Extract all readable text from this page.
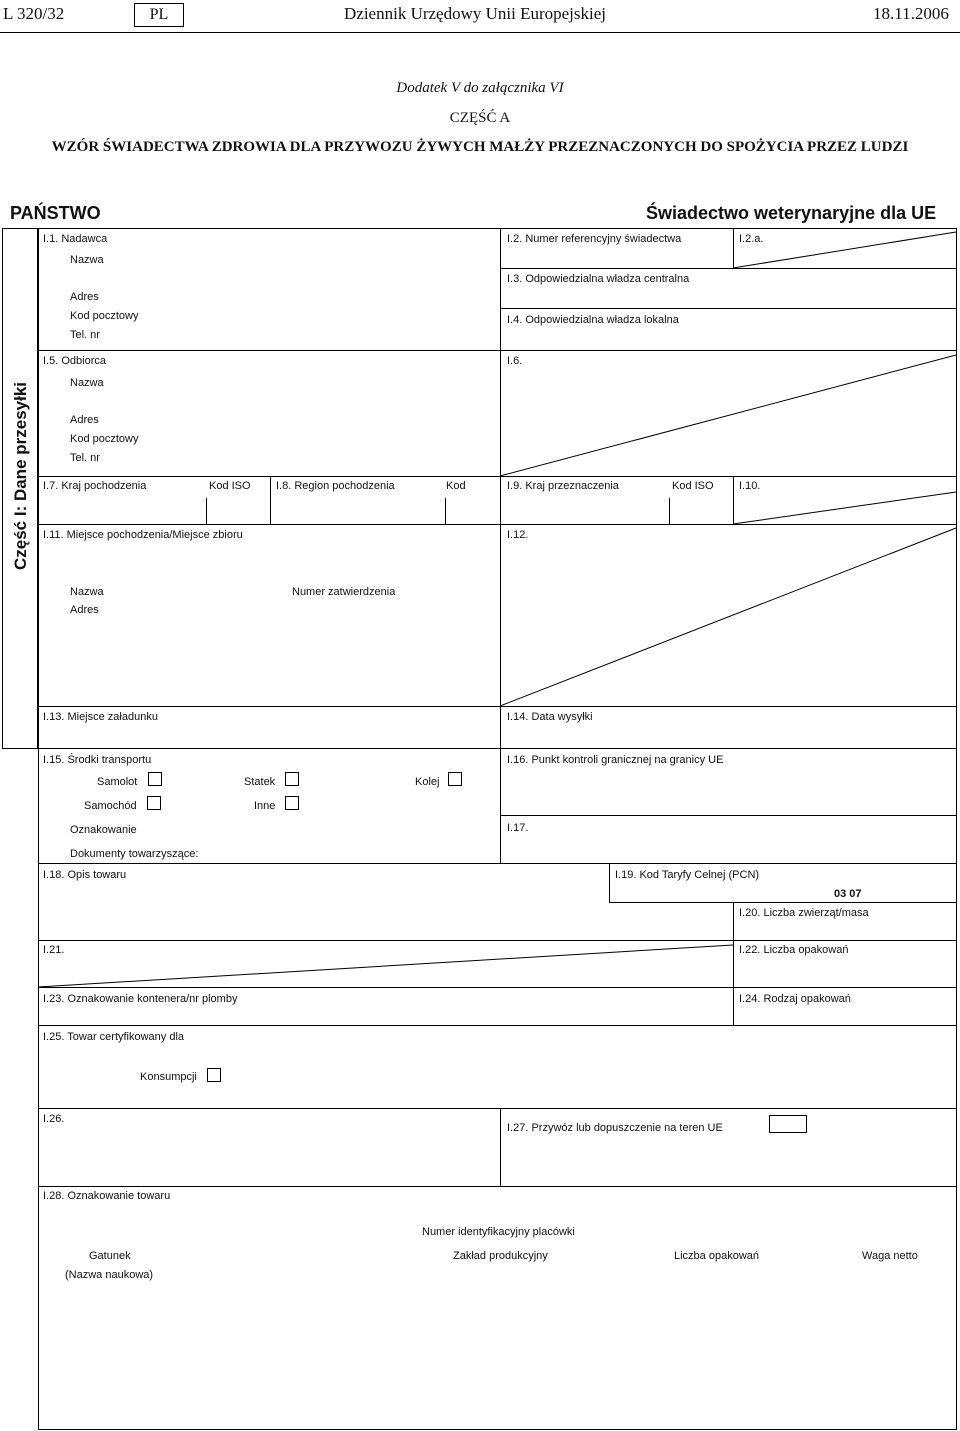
L 320/32	PL	Dziennik Urzędowy Unii Europejskiej	18.11.2006
Dodatek V do załącznika VI
CZĘŚĆ A
WZÓR ŚWIADECTWA ZDROWIA DLA PRZYWOZU ŻYWYCH MAŁŻY PRZEZNACZONYCH DO SPOŻYCIA PRZEZ LUDZI
PAŃSTWO	Świadectwo weterynaryjne dla UE
Część I: Dane przesyłki
I.1. Nadawca
Nazwa
Adres
Kod pocztowy
Tel. nr
I.2. Numer referencyjny świadectwa	I.2.a.
I.3. Odpowiedzialna władza centralna
I.4. Odpowiedzialna władza lokalna
I.5. Odbiorca
Nazwa
Adres
Kod pocztowy
Tel. nr
I.6.
I.7. Kraj pochodzenia	Kod ISO I.8. Region pochodzenia	Kod	I.9. Kraj przeznaczenia	Kod ISO I.10.
I.11. Miejsce pochodzenia/Miejsce zbioru
Nazwa	Numer zatwierdzenia
Adres
I.12.
I.13. Miejsce załadunku	I.14. Data wysyłki
I.15. Środki transportu
Samolot	Statek	Kolej
Samochód	Inne
Oznakowanie
Dokumenty towarzyszące:
I.16. Punkt kontroli granicznej na granicy UE
I.17.
I.18. Opis towaru	I.19. Kod Taryfy Celnej (PCN)
03 07
I.20. Liczba zwierząt/masa
I.21.	I.22. Liczba opakowań
I.23. Oznakowanie kontenera/nr plomby	I.24. Rodzaj opakowań
I.25. Towar certyfikowany dla
Konsumpcji
I.26.
I.27. Przywóz lub dopuszczenie na teren UE
I.28. Oznakowanie towaru
Numer identyfikacyjny placówki
Gatunek
(Nazwa naukowa)
Zakład produkcyjny	Liczba opakowań	Waga netto
